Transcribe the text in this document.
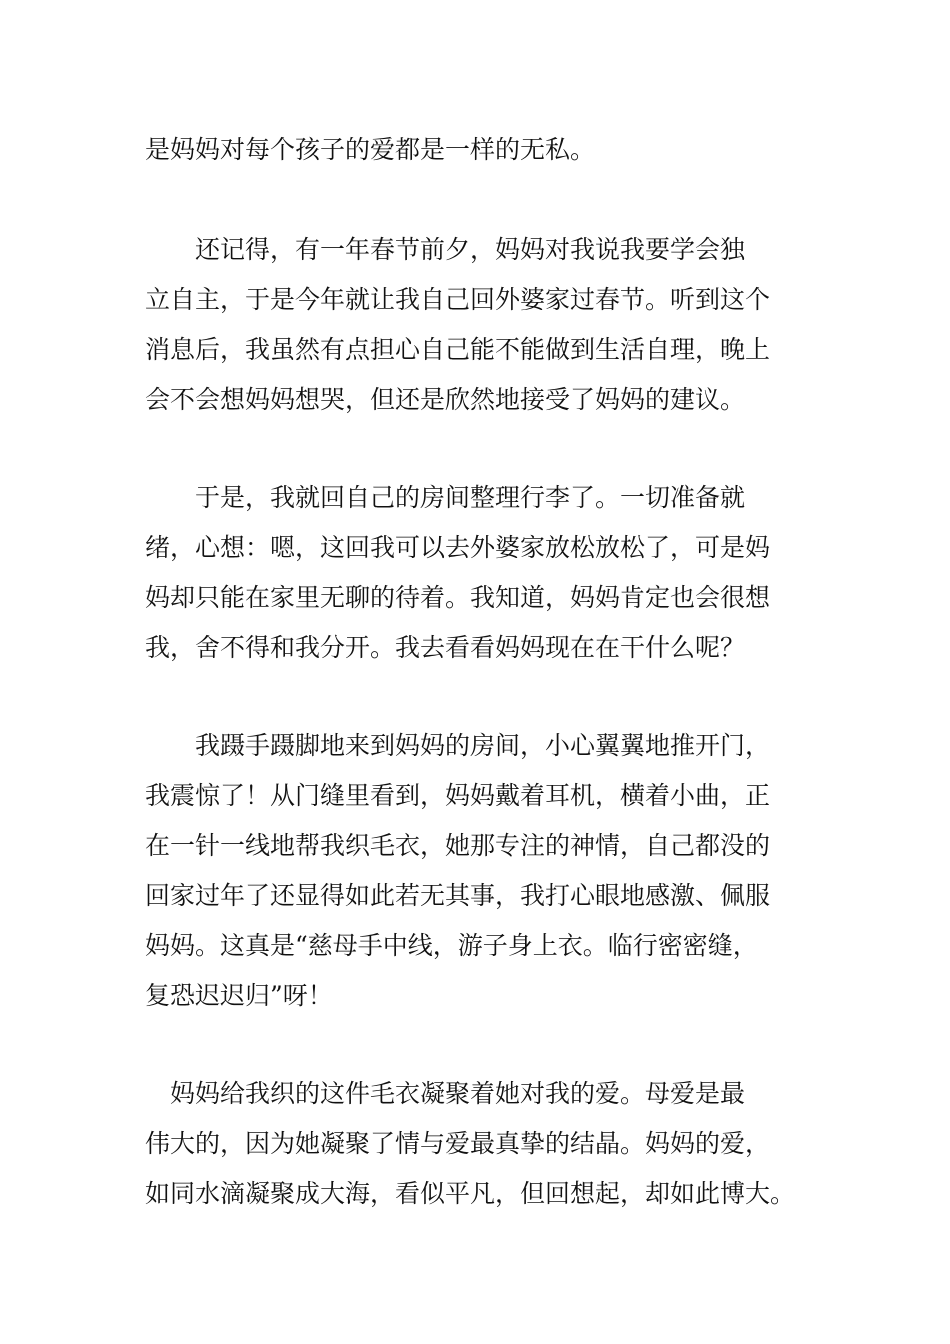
是妈妈对每个孩子的爱都是一样的无私。

　　还记得，有一年春节前夕，妈妈对我说我要学会独
立自主，于是今年就让我自己回外婆家过春节。听到这个
消息后，我虽然有点担心自己能不能做到生活自理，晚上
会不会想妈妈想哭，但还是欣然地接受了妈妈的建议。

　　于是，我就回自己的房间整理行李了。一切准备就
绪，心想：嗯，这回我可以去外婆家放松放松了，可是妈
妈却只能在家里无聊的待着。我知道，妈妈肯定也会很想
我，舍不得和我分开。我去看看妈妈现在在干什么呢？

　　我蹑手蹑脚地来到妈妈的房间，小心翼翼地推开门，
我震惊了！从门缝里看到，妈妈戴着耳机，横着小曲，正
在一针一线地帮我织毛衣，她那专注的神情，自己都没的
回家过年了还显得如此若无其事，我打心眼地感激、佩服
妈妈。这真是“慈母手中线，游子身上衣。临行密密缝，
复恐迟迟归”呀！

　妈妈给我织的这件毛衣凝聚着她对我的爱。母爱是最
伟大的，因为她凝聚了情与爱最真挚的结晶。妈妈的爱，
如同水滴凝聚成大海，看似平凡，但回想起，却如此博大。
